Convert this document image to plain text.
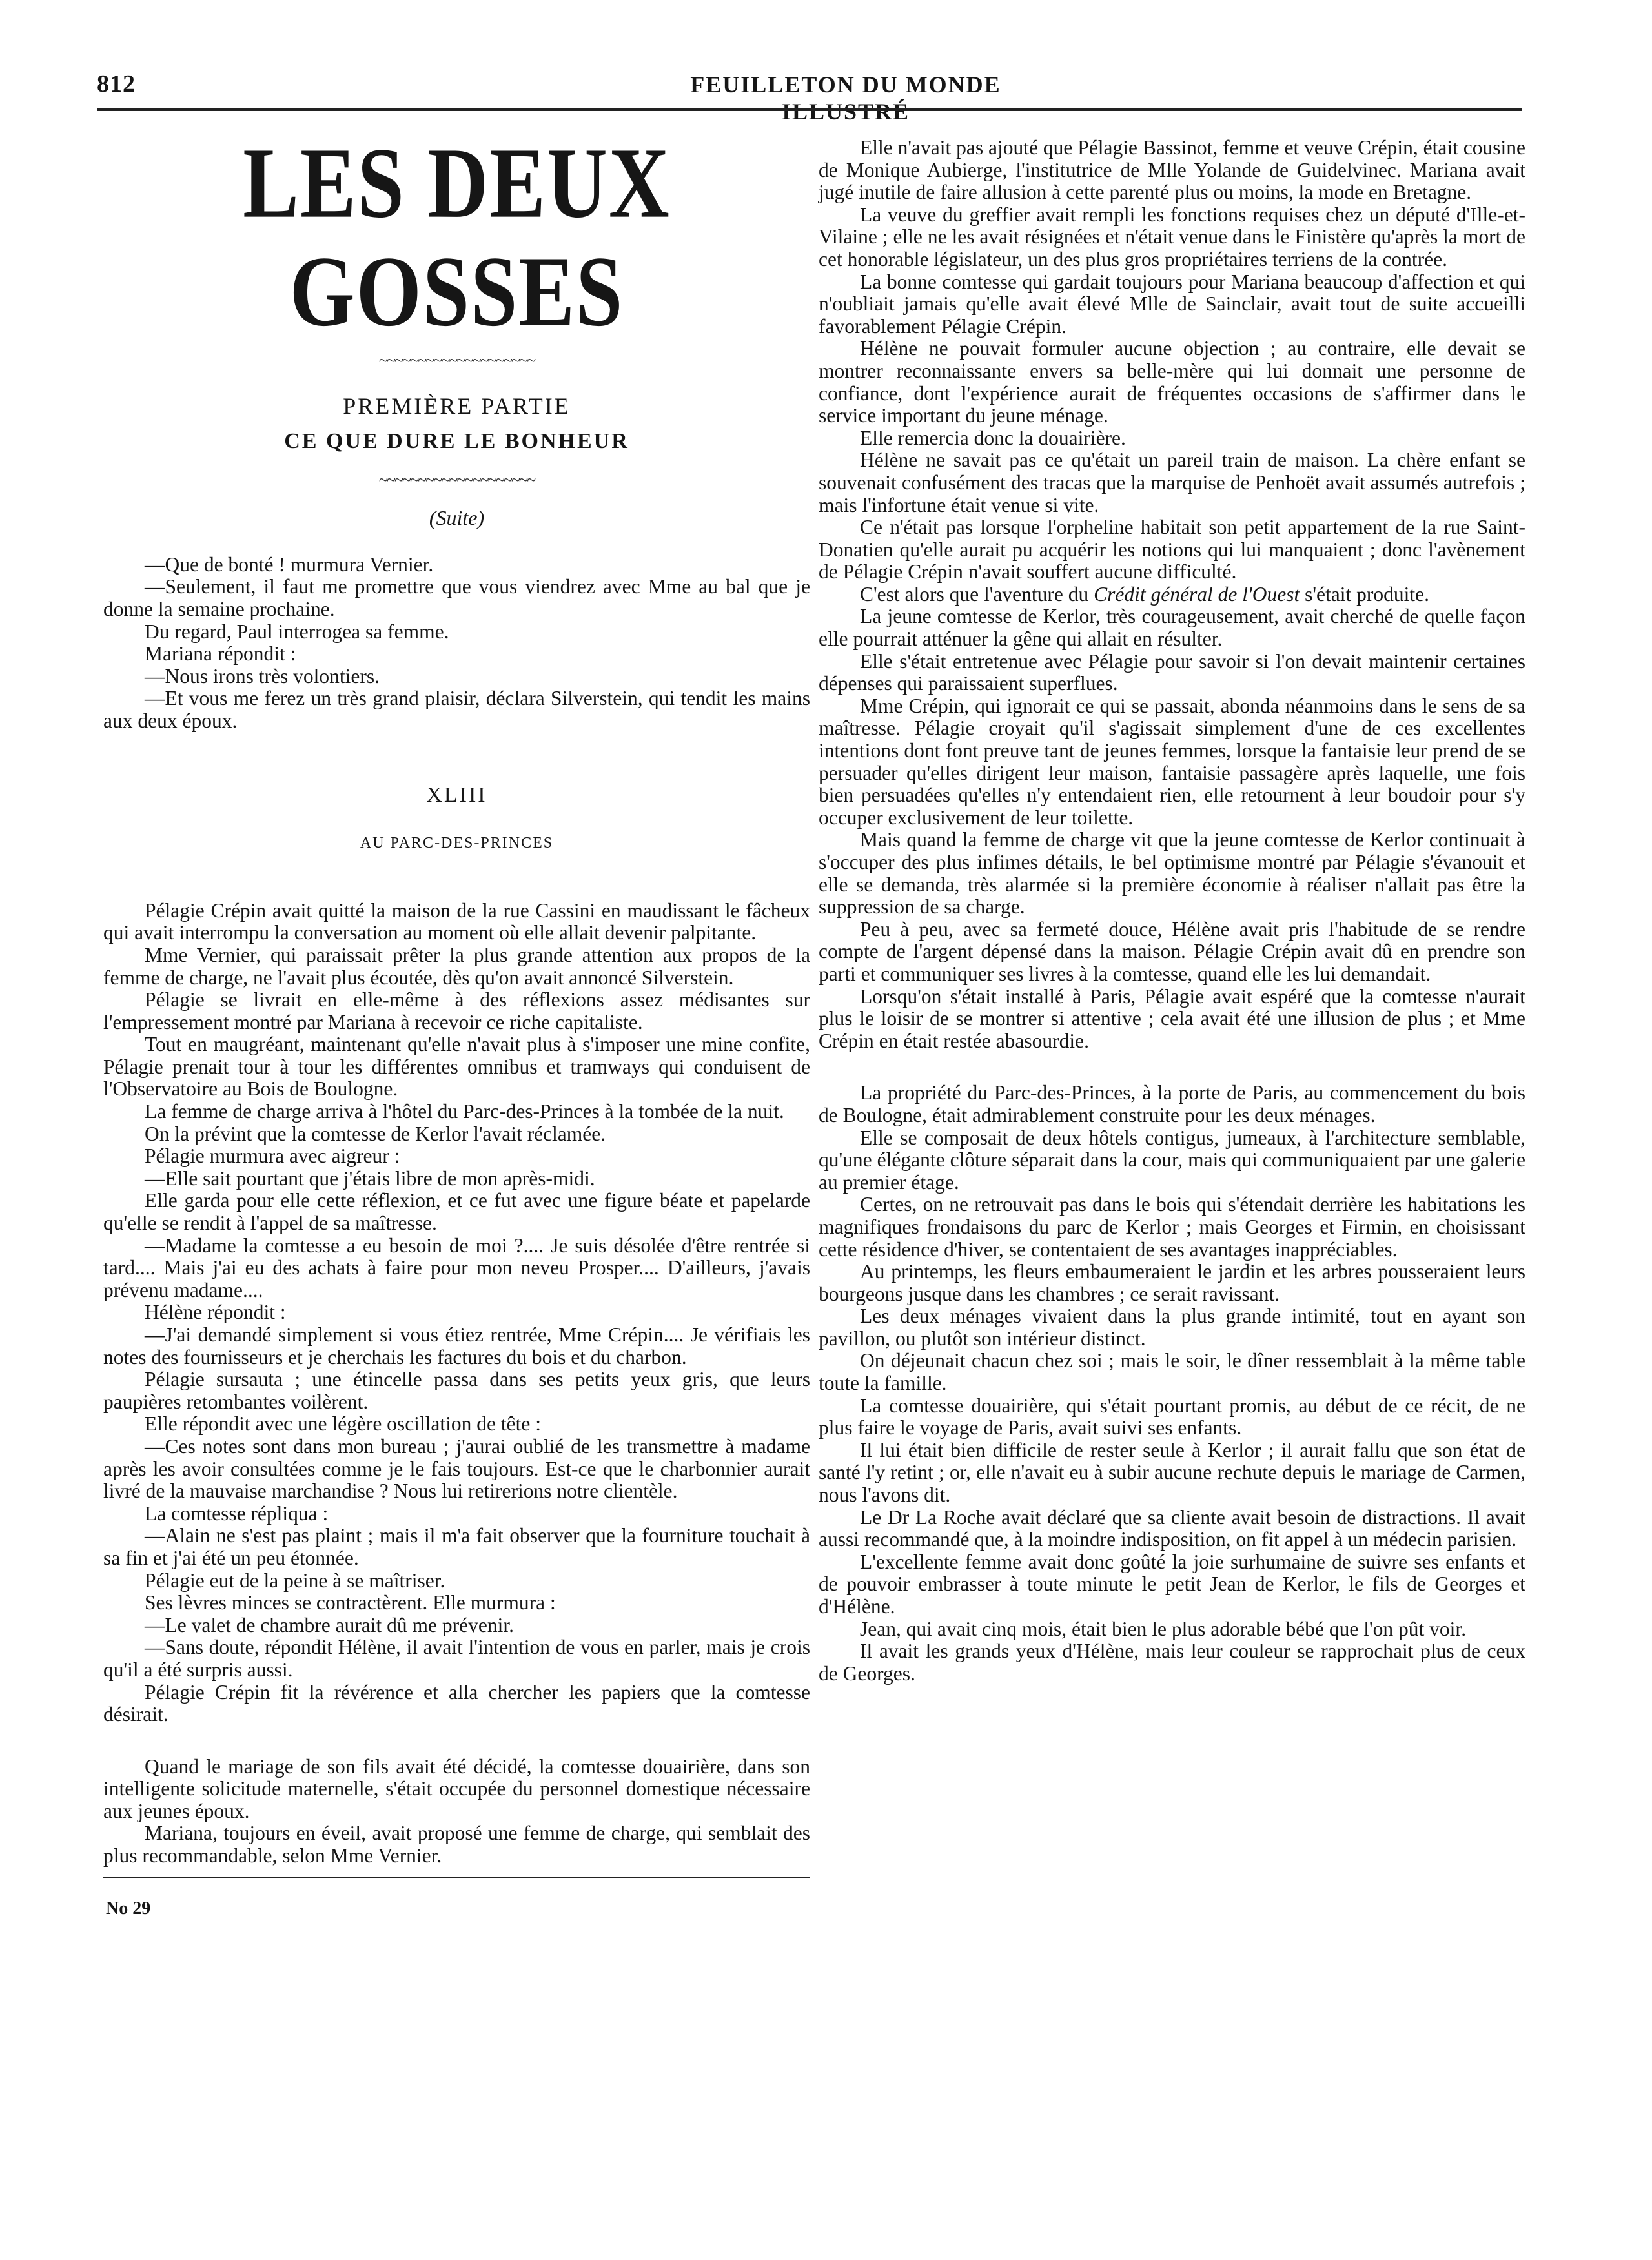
812	FEUILLETON DU MONDE ILLUSTRÉ
LES DEUX GOSSES
~~~~~~~~~~~~~~~~~~~~
PREMIÈRE PARTIE
CE QUE DURE LE BONHEUR
~~~~~~~~~~~~~~~~~~~~
(Suite)

—Que de bonté ! murmura Vernier.

—Seulement, il faut me promettre que vous viendrez avec Mme au bal que je donne la semaine prochaine.

Du regard, Paul interrogea sa femme.

Mariana répondit :

—Nous irons très volontiers.

—Et vous me ferez un très grand plaisir, déclara Silverstein, qui tendit les mains aux deux époux.

XLIII
AU PARC-DES-PRINCES

Pélagie Crépin avait quitté la maison de la rue Cassini en maudissant le fâcheux qui avait interrompu la conversation au moment où elle allait devenir palpitante.

Mme Vernier, qui paraissait prêter la plus grande attention aux propos de la femme de charge, ne l'avait plus écoutée, dès qu'on avait annoncé Silverstein.

Pélagie se livrait en elle-même à des réflexions assez médisantes sur l'empressement montré par Mariana à recevoir ce riche capitaliste.

Tout en maugréant, maintenant qu'elle n'avait plus à s'imposer une mine confite, Pélagie prenait tour à tour les différentes omnibus et tramways qui conduisent de l'Observatoire au Bois de Boulogne.

La femme de charge arriva à l'hôtel du Parc-des-Princes à la tombée de la nuit.

On la prévint que la comtesse de Kerlor l'avait réclamée.

Pélagie murmura avec aigreur :

—Elle sait pourtant que j'étais libre de mon après-midi.

Elle garda pour elle cette réflexion, et ce fut avec une figure béate et papelarde qu'elle se rendit à l'appel de sa maîtresse.

—Madame la comtesse a eu besoin de moi ?.... Je suis désolée d'être rentrée si tard.... Mais j'ai eu des achats à faire pour mon neveu Prosper.... D'ailleurs, j'avais prévenu madame....

Hélène répondit :

—J'ai demandé simplement si vous étiez rentrée, Mme Crépin.... Je vérifiais les notes des fournisseurs et je cherchais les factures du bois et du charbon.

Pélagie sursauta ; une étincelle passa dans ses petits yeux gris, que leurs paupières retombantes voilèrent.

Elle répondit avec une légère oscillation de tête :

—Ces notes sont dans mon bureau ; j'aurai oublié de les transmettre à madame après les avoir consultées comme je le fais toujours. Est-ce que le charbonnier aurait livré de la mauvaise marchandise ? Nous lui retirerions notre clientèle.

La comtesse répliqua :

—Alain ne s'est pas plaint ; mais il m'a fait observer que la fourniture touchait à sa fin et j'ai été un peu étonnée.

Pélagie eut de la peine à se maîtriser.

Ses lèvres minces se contractèrent. Elle murmura :

—Le valet de chambre aurait dû me prévenir.

—Sans doute, répondit Hélène, il avait l'intention de vous en parler, mais je crois qu'il a été surpris aussi.

Pélagie Crépin fit la révérence et alla chercher les papiers que la comtesse désirait.

Quand le mariage de son fils avait été décidé, la comtesse douairière, dans son intelligente solicitude maternelle, s'était occupée du personnel domestique nécessaire aux jeunes époux.

Mariana, toujours en éveil, avait proposé une femme de charge, qui semblait des plus recommandable, selon Mme Vernier.

No 29

Elle n'avait pas ajouté que Pélagie Bassinot, femme et veuve Crépin, était cousine de Monique Aubierge, l'institutrice de Mlle Yolande de Guidelvinec. Mariana avait jugé inutile de faire allusion à cette parenté plus ou moins, la mode en Bretagne.

La veuve du greffier avait rempli les fonctions requises chez un député d'Ille-et-Vilaine ; elle ne les avait résignées et n'était venue dans le Finistère qu'après la mort de cet honorable législateur, un des plus gros propriétaires terriens de la contrée.

La bonne comtesse qui gardait toujours pour Mariana beaucoup d'affection et qui n'oubliait jamais qu'elle avait élevé Mlle de Sainclair, avait tout de suite accueilli favorablement Pélagie Crépin.

Hélène ne pouvait formuler aucune objection ; au contraire, elle devait se montrer reconnaissante envers sa belle-mère qui lui donnait une personne de confiance, dont l'expérience aurait de fréquentes occasions de s'affirmer dans le service important du jeune ménage.

Elle remercia donc la douairière.

Hélène ne savait pas ce qu'était un pareil train de maison. La chère enfant se souvenait confusément des tracas que la marquise de Penhoët avait assumés autrefois ; mais l'infortune était venue si vite.

Ce n'était pas lorsque l'orpheline habitait son petit appartement de la rue Saint-Donatien qu'elle aurait pu acquérir les notions qui lui manquaient ; donc l'avènement de Pélagie Crépin n'avait souffert aucune difficulté.

C'est alors que l'aventure du Crédit général de l'Ouest s'était produite.

La jeune comtesse de Kerlor, très courageusement, avait cherché de quelle façon elle pourrait atténuer la gêne qui allait en résulter.

Elle s'était entretenue avec Pélagie pour savoir si l'on devait maintenir certaines dépenses qui paraissaient superflues.

Mme Crépin, qui ignorait ce qui se passait, abonda néanmoins dans le sens de sa maîtresse. Pélagie croyait qu'il s'agissait simplement d'une de ces excellentes intentions dont font preuve tant de jeunes femmes, lorsque la fantaisie leur prend de se persuader qu'elles dirigent leur maison, fantaisie passagère après laquelle, une fois bien persuadées qu'elles n'y entendaient rien, elle retournent à leur boudoir pour s'y occuper exclusivement de leur toilette.

Mais quand la femme de charge vit que la jeune comtesse de Kerlor continuait à s'occuper des plus infimes détails, le bel optimisme montré par Pélagie s'évanouit et elle se demanda, très alarmée si la première économie à réaliser n'allait pas être la suppression de sa charge.

Peu à peu, avec sa fermeté douce, Hélène avait pris l'habitude de se rendre compte de l'argent dépensé dans la maison. Pélagie Crépin avait dû en prendre son parti et communiquer ses livres à la comtesse, quand elle les lui demandait.

Lorsqu'on s'était installé à Paris, Pélagie avait espéré que la comtesse n'aurait plus le loisir de se montrer si attentive ; cela avait été une illusion de plus ; et Mme Crépin en était restée abasourdie.

La propriété du Parc-des-Princes, à la porte de Paris, au commencement du bois de Boulogne, était admirablement construite pour les deux ménages.

Elle se composait de deux hôtels contigus, jumeaux, à l'architecture semblable, qu'une élégante clôture séparait dans la cour, mais qui communiquaient par une galerie au premier étage.

Certes, on ne retrouvait pas dans le bois qui s'étendait derrière les habitations les magnifiques frondaisons du parc de Kerlor ; mais Georges et Firmin, en choisissant cette résidence d'hiver, se contentaient de ses avantages inappréciables.

Au printemps, les fleurs embaumeraient le jardin et les arbres pousseraient leurs bourgeons jusque dans les chambres ; ce serait ravissant.

Les deux ménages vivaient dans la plus grande intimité, tout en ayant son pavillon, ou plutôt son intérieur distinct.

On déjeunait chacun chez soi ; mais le soir, le dîner ressemblait à la même table toute la famille.

La comtesse douairière, qui s'était pourtant promis, au début de ce récit, de ne plus faire le voyage de Paris, avait suivi ses enfants.

Il lui était bien difficile de rester seule à Kerlor ; il aurait fallu que son état de santé l'y retint ; or, elle n'avait eu à subir aucune rechute depuis le mariage de Carmen, nous l'avons dit.

Le Dr La Roche avait déclaré que sa cliente avait besoin de distractions. Il avait aussi recommandé que, à la moindre indisposition, on fit appel à un médecin parisien.

L'excellente femme avait donc goûté la joie surhumaine de suivre ses enfants et de pouvoir embrasser à toute minute le petit Jean de Kerlor, le fils de Georges et d'Hélène.

Jean, qui avait cinq mois, était bien le plus adorable bébé que l'on pût voir.

Il avait les grands yeux d'Hélène, mais leur couleur se rapprochait plus de ceux de Georges.
